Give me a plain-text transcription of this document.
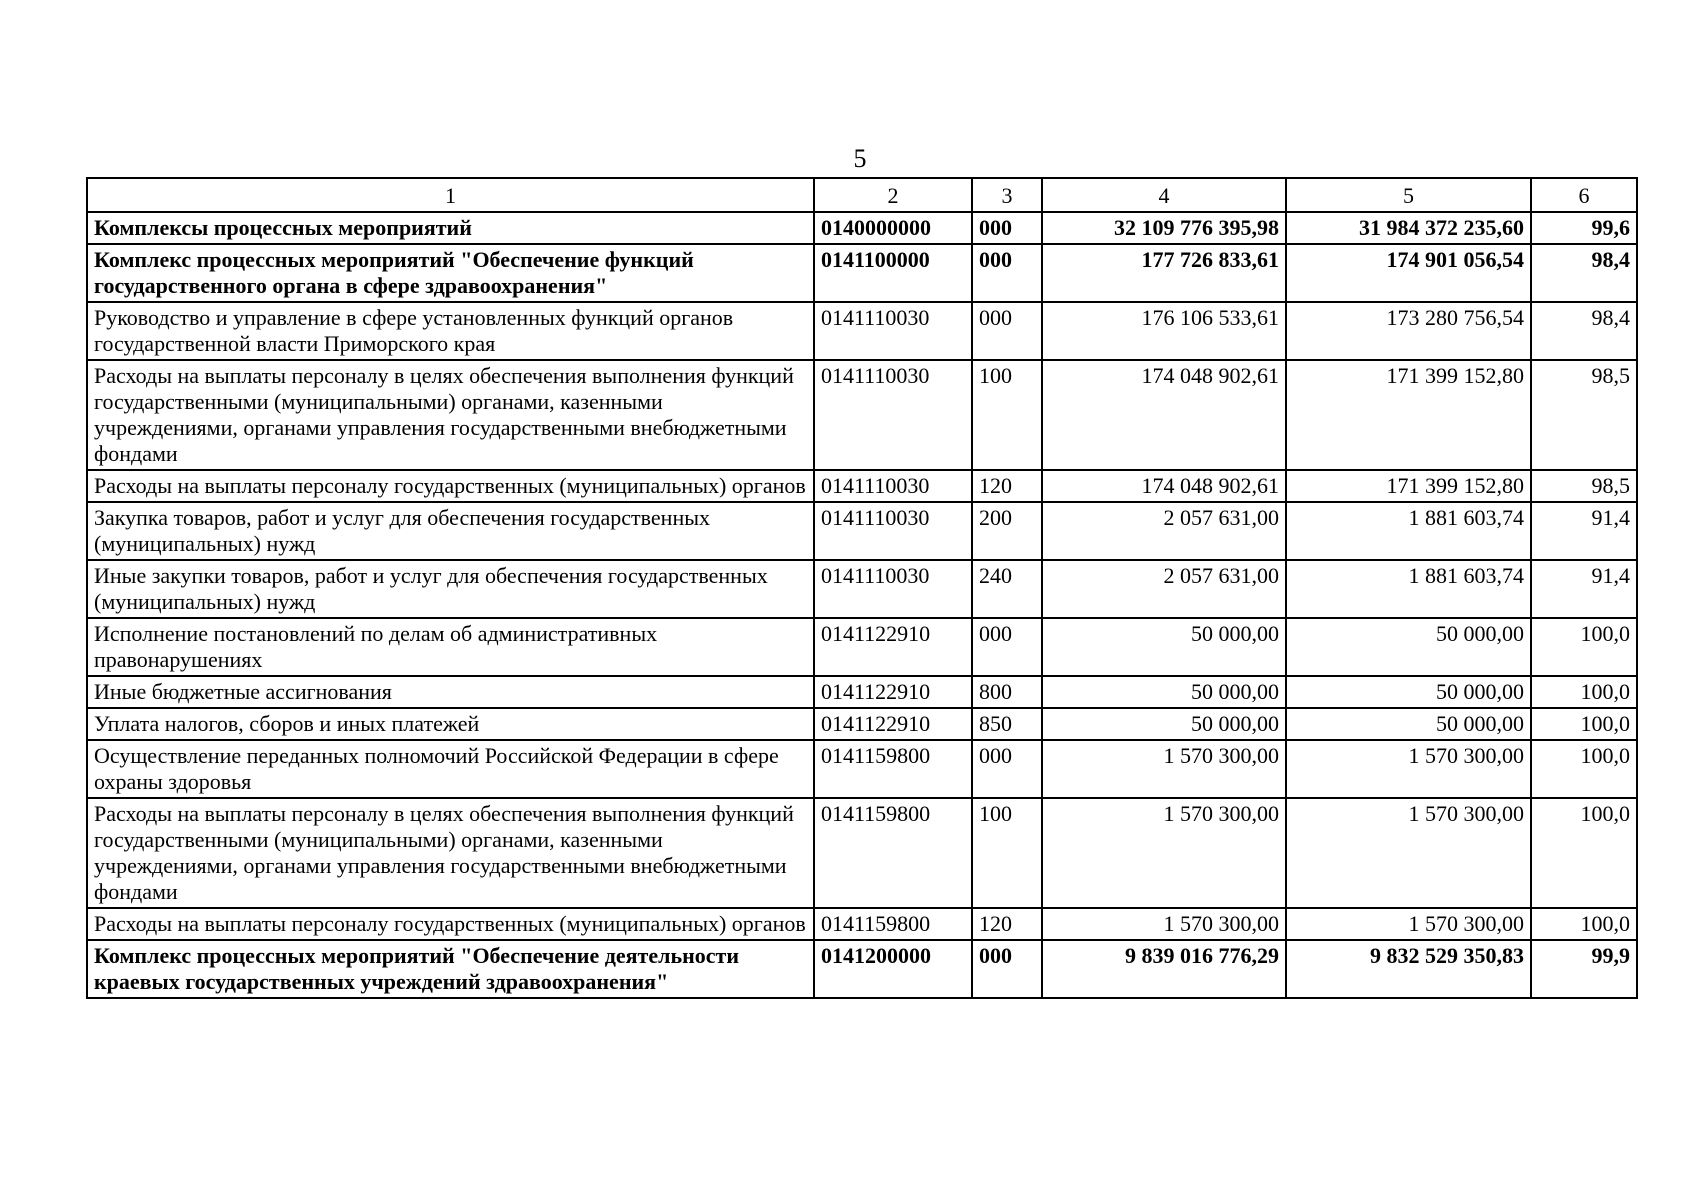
5
1	2	3	4	5	6
Комплексы процессных мероприятий	0140000000	000	32 109 776 395,98	31 984 372 235,60	99,6
Комплекс процессных мероприятий "Обеспечение функций государственного органа в сфере здравоохранения"	0141100000	000	177 726 833,61	174 901 056,54	98,4
Руководство и управление в сфере установленных функций органов государственной власти Приморского края	0141110030	000	176 106 533,61	173 280 756,54	98,4
Расходы на выплаты персоналу в целях обеспечения выполнения функций государственными (муниципальными) органами, казенными учреждениями, органами управления государственными внебюджетными фондами	0141110030	100	174 048 902,61	171 399 152,80	98,5
Расходы на выплаты персоналу государственных (муниципальных) органов	0141110030	120	174 048 902,61	171 399 152,80	98,5
Закупка товаров, работ и услуг для обеспечения государственных (муниципальных) нужд	0141110030	200	2 057 631,00	1 881 603,74	91,4
Иные закупки товаров, работ и услуг для обеспечения государственных (муниципальных) нужд	0141110030	240	2 057 631,00	1 881 603,74	91,4
Исполнение постановлений по делам об административных правонарушениях	0141122910	000	50 000,00	50 000,00	100,0
Иные бюджетные ассигнования	0141122910	800	50 000,00	50 000,00	100,0
Уплата налогов, сборов и иных платежей	0141122910	850	50 000,00	50 000,00	100,0
Осуществление переданных полномочий Российской Федерации в сфере охраны здоровья	0141159800	000	1 570 300,00	1 570 300,00	100,0
Расходы на выплаты персоналу в целях обеспечения выполнения функций государственными (муниципальными) органами, казенными учреждениями, органами управления государственными внебюджетными фондами	0141159800	100	1 570 300,00	1 570 300,00	100,0
Расходы на выплаты персоналу государственных (муниципальных) органов	0141159800	120	1 570 300,00	1 570 300,00	100,0
Комплекс процессных мероприятий "Обеспечение деятельности краевых государственных учреждений здравоохранения"	0141200000	000	9 839 016 776,29	9 832 529 350,83	99,9
